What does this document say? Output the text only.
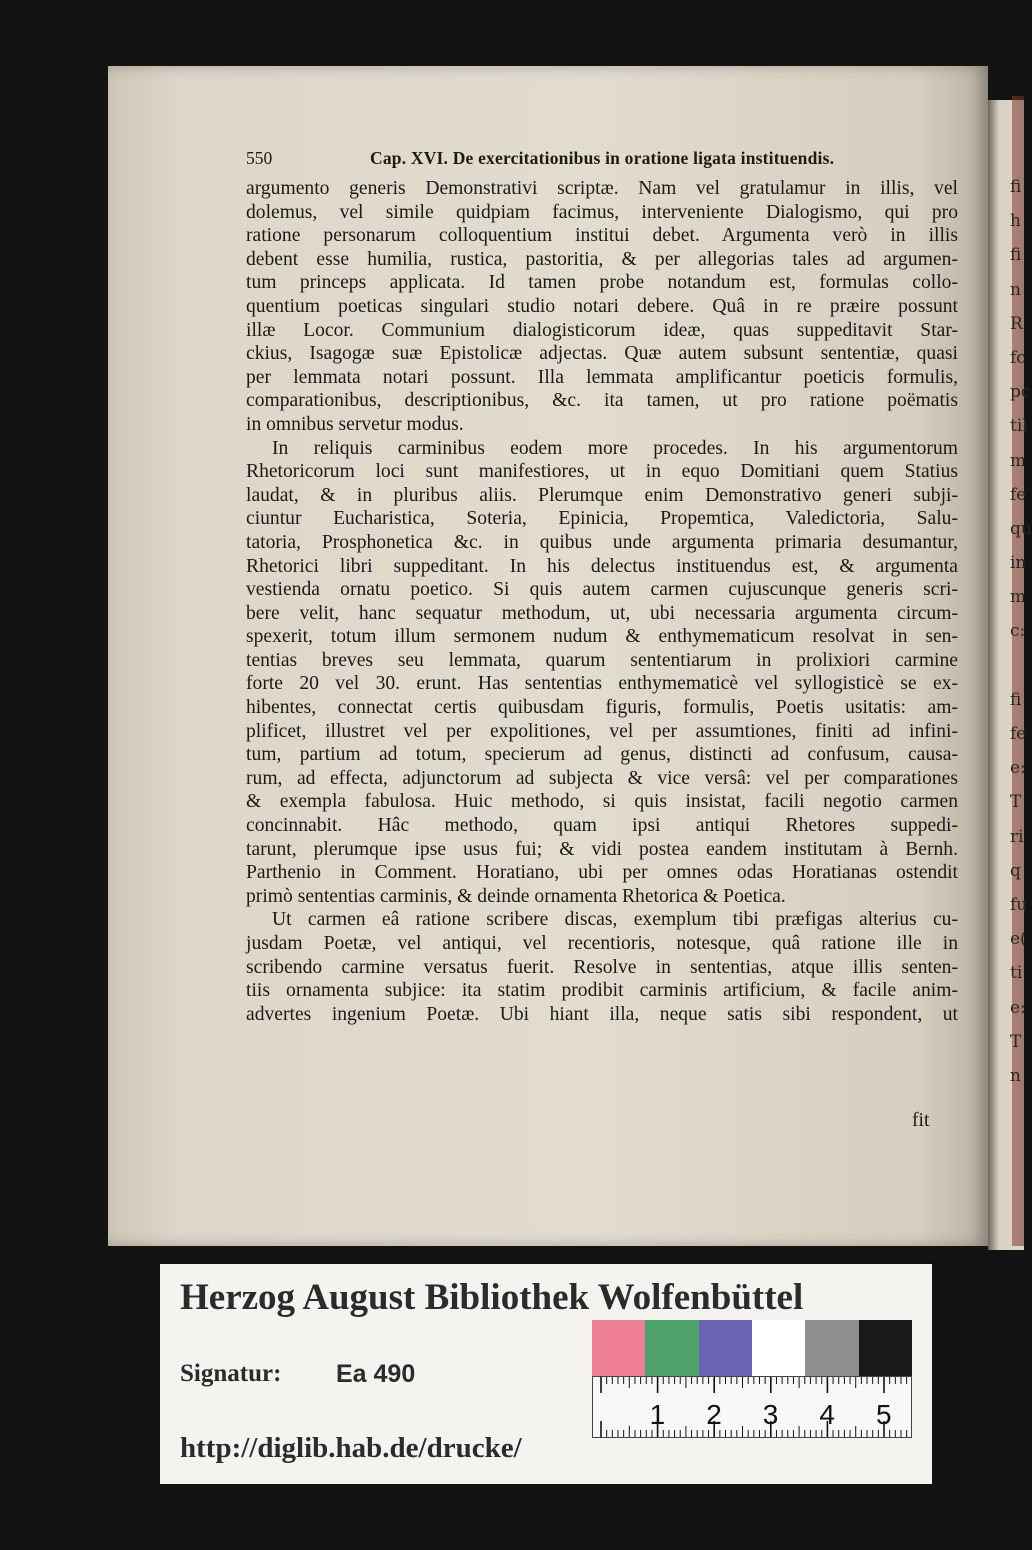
fi
h
fi
n
R
fc
pc
til
m
fe
qu
in
m
c:
fi
fe
e:
T
ri
q
fu
e(
ti
e:
T
n
550	Cap. XVI. De exercitationibus in oratione ligata instituendis.
argumento generis Demonstrativi scriptæ. Nam vel gratulamur in illis, vel
dolemus, vel simile quidpiam facimus, interveniente Dialogismo, qui pro
ratione personarum colloquentium institui debet. Argumenta verò in illis
debent esse humilia, rustica, pastoritia, & per allegorias tales ad argumen-
tum princeps applicata. Id tamen probe notandum est, formulas collo-
quentium poeticas singulari studio notari debere. Quâ in re præire possunt
illæ Locor. Communium dialogisticorum ideæ, quas suppeditavit Star-
ckius, Isagogæ suæ Epistolicæ adjectas. Quæ autem subsunt sententiæ, quasi
per lemmata notari possunt. Illa lemmata amplificantur poeticis formulis,
comparationibus, descriptionibus, &c. ita tamen, ut pro ratione poëmatis
in omnibus servetur modus.
In reliquis carminibus eodem more procedes. In his argumentorum
Rhetoricorum loci sunt manifestiores, ut in equo Domitiani quem Statius
laudat, & in pluribus aliis. Plerumque enim Demonstrativo generi subji-
ciuntur Eucharistica, Soteria, Epinicia, Propemtica, Valedictoria, Salu-
tatoria, Prosphonetica &c. in quibus unde argumenta primaria desumantur,
Rhetorici libri suppeditant. In his delectus instituendus est, & argumenta
vestienda ornatu poetico. Si quis autem carmen cujuscunque generis scri-
bere velit, hanc sequatur methodum, ut, ubi necessaria argumenta circum-
spexerit, totum illum sermonem nudum & enthymematicum resolvat in sen-
tentias breves seu lemmata, quarum sententiarum in prolixiori carmine
forte 20 vel 30. erunt. Has sententias enthymematicè vel syllogisticè se ex-
hibentes, connectat certis quibusdam figuris, formulis, Poetis usitatis: am-
plificet, illustret vel per expolitiones, vel per assumtiones, finiti ad infini-
tum, partium ad totum, specierum ad genus, distincti ad confusum, causa-
rum, ad effecta, adjunctorum ad subjecta & vice versâ: vel per comparationes
& exempla fabulosa. Huic methodo, si quis insistat, facili negotio carmen
concinnabit. Hâc methodo, quam ipsi antiqui Rhetores suppedi-
tarunt, plerumque ipse usus fui; & vidi postea eandem institutam à Bernh.
Parthenio in Comment. Horatiano, ubi per omnes odas Horatianas ostendit
primò sententias carminis, & deinde ornamenta Rhetorica & Poetica.
Ut carmen eâ ratione scribere discas, exemplum tibi præfigas alterius cu-
jusdam Poetæ, vel antiqui, vel recentioris, notesque, quâ ratione ille in
scribendo carmine versatus fuerit. Resolve in sententias, atque illis senten-
tiis ornamenta subjice: ita statim prodibit carminis artificium, & facile anim-
advertes ingenium Poetæ. Ubi hiant illa, neque satis sibi respondent, ut
fit
Herzog August Bibliothek Wolfenbüttel
Signatur: Ea 490
http://diglib.hab.de/drucke/
1 2 3 4 5
